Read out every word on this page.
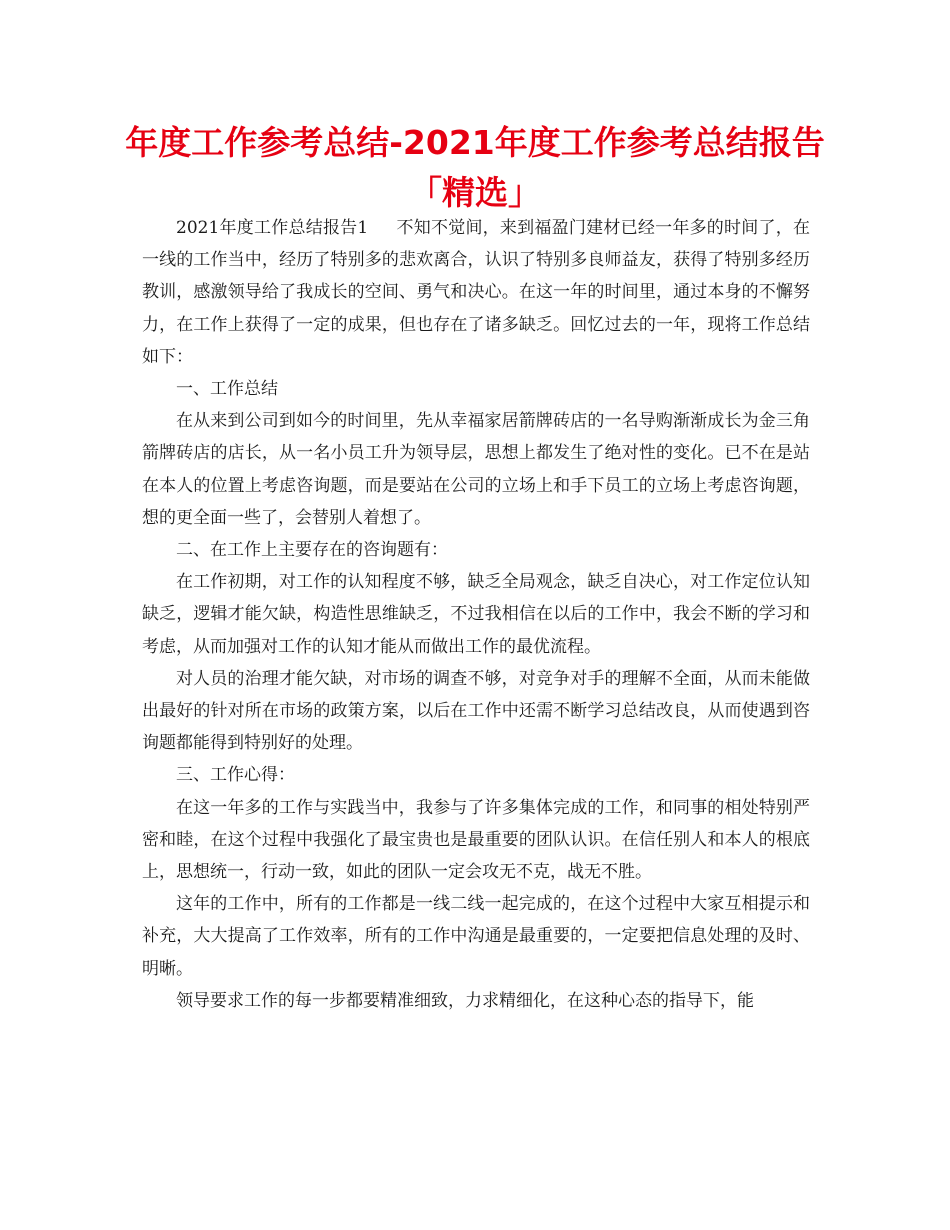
年度工作参考总结-2021年度工作参考总结报告「精选」

2021年度工作总结报告1 不知不觉间，来到福盈门建材已经一年多的时间了，在一线的工作当中，经历了特别多的悲欢离合，认识了特别多良师益友，获得了特别多经历教训，感激领导给了我成长的空间、勇气和决心。在这一年的时间里，通过本身的不懈努力，在工作上获得了一定的成果，但也存在了诸多缺乏。回忆过去的一年，现将工作总结如下：

一、工作总结

在从来到公司到如今的时间里，先从幸福家居箭牌砖店的一名导购渐渐成长为金三角箭牌砖店的店长，从一名小员工升为领导层，思想上都发生了绝对性的变化。已不在是站在本人的位置上考虑咨询题，而是要站在公司的立场上和手下员工的立场上考虑咨询题，想的更全面一些了，会替别人着想了。

二、在工作上主要存在的咨询题有：

在工作初期，对工作的认知程度不够，缺乏全局观念，缺乏自决心，对工作定位认知缺乏，逻辑才能欠缺，构造性思维缺乏，不过我相信在以后的工作中，我会不断的学习和考虑，从而加强对工作的认知才能从而做出工作的最优流程。

对人员的治理才能欠缺，对市场的调查不够，对竞争对手的理解不全面，从而未能做出最好的针对所在市场的政策方案，以后在工作中还需不断学习总结改良，从而使遇到咨询题都能得到特别好的处理。

三、工作心得：

在这一年多的工作与实践当中，我参与了许多集体完成的工作，和同事的相处特别严密和睦，在这个过程中我强化了最宝贵也是最重要的团队认识。在信任别人和本人的根底上，思想统一，行动一致，如此的团队一定会攻无不克，战无不胜。

这年的工作中，所有的工作都是一线二线一起完成的，在这个过程中大家互相提示和补充，大大提高了工作效率，所有的工作中沟通是最重要的，一定要把信息处理的及时、明晰。

领导要求工作的每一步都要精准细致，力求精细化，在这种心态的指导下，能
